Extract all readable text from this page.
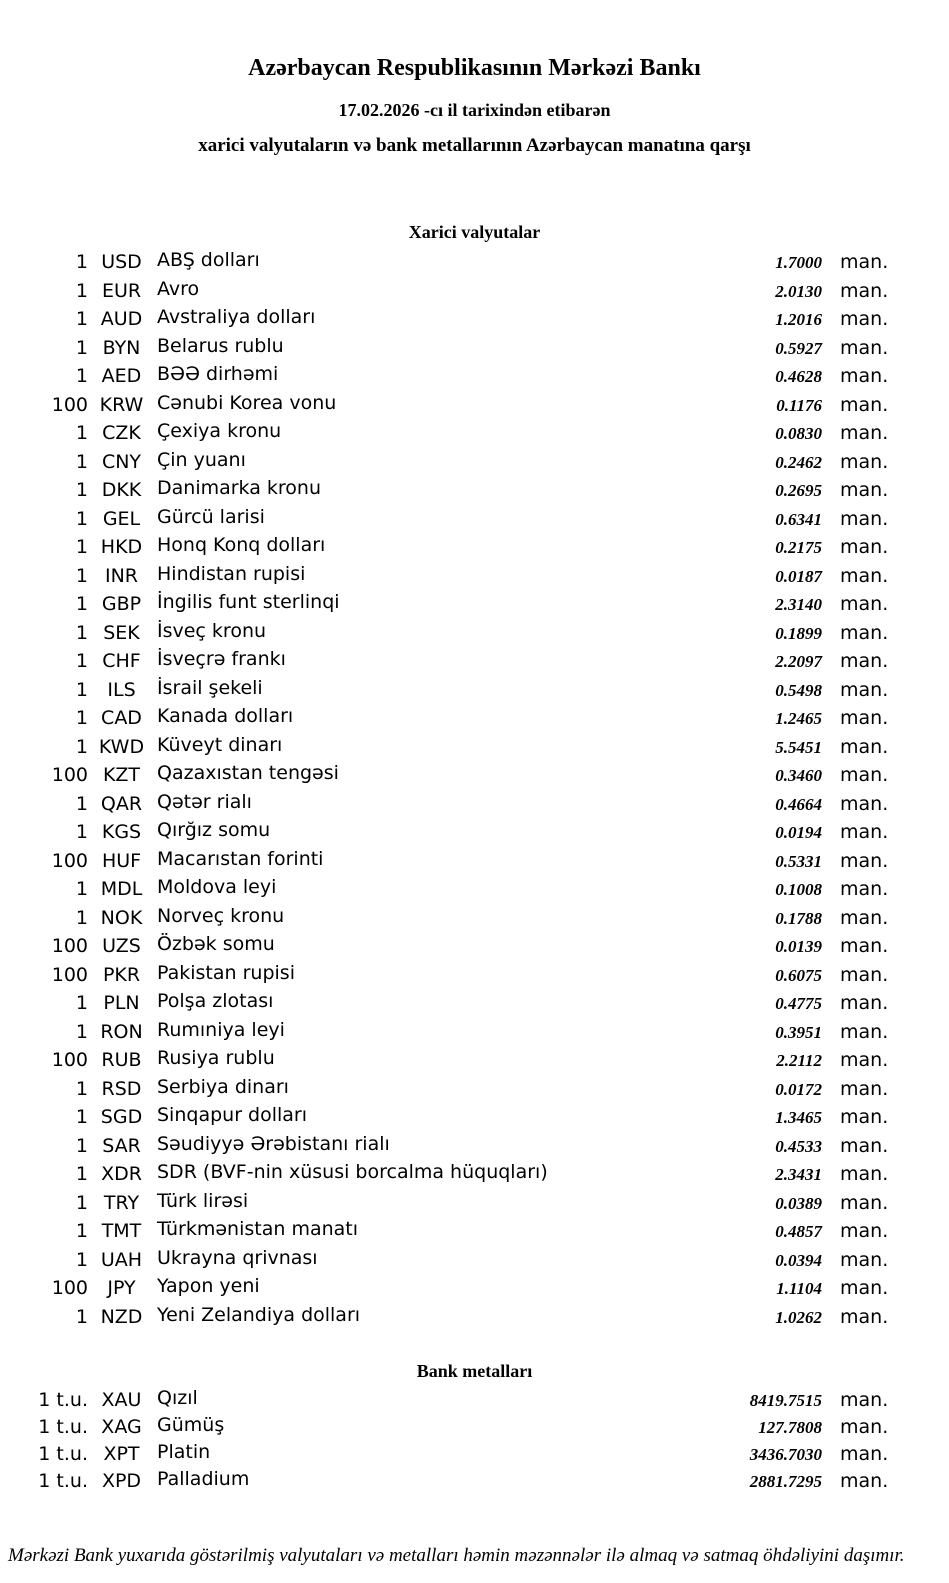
Azərbaycan Respublikasının Mərkəzi Bankı
17.02.2026 -cı il tarixindən etibarən
xarici valyutaların və bank metallarının Azərbaycan manatına qarşı
Xarici valyutalar
1 USD ABŞ dolları	1.7000 man.
1 EUR Avro	2.0130 man.
1 AUD Avstraliya dolları	1.2016 man.
1 BYN Belarus rublu	0.5927 man.
1 AED BƏƏ dirhəmi	0.4628 man.
100 KRW Cənubi Korea vonu	0.1176 man.
1 CZK Çexiya kronu	0.0830 man.
1 CNY Çin yuanı	0.2462 man.
1 DKK Danimarka kronu	0.2695 man.
1 GEL Gürcü larisi	0.6341 man.
1 HKD Honq Konq dolları	0.2175 man.
1 INR Hindistan rupisi	0.0187 man.
1 GBP İngilis funt sterlinqi	2.3140 man.
1 SEK İsveç kronu	0.1899 man.
1 CHF İsveçrə frankı	2.2097 man.
1	ILS	İsrail şekeli	0.5498 man.
1 CAD Kanada dolları	1.2465 man.
1 KWD Küveyt dinarı	5.5451 man.
100 KZT Qazaxıstan tengəsi	0.3460 man.
1 QAR Qətər rialı	0.4664 man.
1 KGS Qırğız somu	0.0194 man.
100 HUF Macarıstan forinti	0.5331 man.
1 MDL Moldova leyi	0.1008 man.
1 NOK Norveç kronu	0.1788 man.
100 UZS Özbək somu	0.0139 man.
100 PKR Pakistan rupisi	0.6075 man.
1 PLN Polşa zlotası	0.4775 man.
1 RON Rumıniya leyi	0.3951 man.
100 RUB Rusiya rublu	2.2112 man.
1 RSD Serbiya dinarı	0.0172 man.
1 SGD Sinqapur dolları	1.3465 man.
1 SAR Səudiyyə Ərəbistanı rialı	0.4533 man.
1 XDR SDR (BVF-nin xüsusi borcalma hüquqları)	2.3431 man.
1 TRY Türk lirəsi	0.0389 man.
1 TMT Türkmənistan manatı	0.4857 man.
1 UAH Ukrayna qrivnası	0.0394 man.
100	JPY	Yapon yeni	1.1104 man.
1 NZD Yeni Zelandiya dolları	1.0262 man.
Bank metalları
1 t.u. XAU Qızıl	8419.7515 man.
1 t.u. XAG Gümüş	127.7808 man.
1 t.u. XPT Platin	3436.7030 man.
1 t.u. XPD Palladium	2881.7295 man.
Mərkəzi Bank yuxarıda göstərilmiş valyutaları və metalları həmin məzənnələr ilə almaq və satmaq öhdəliyini daşımır.
